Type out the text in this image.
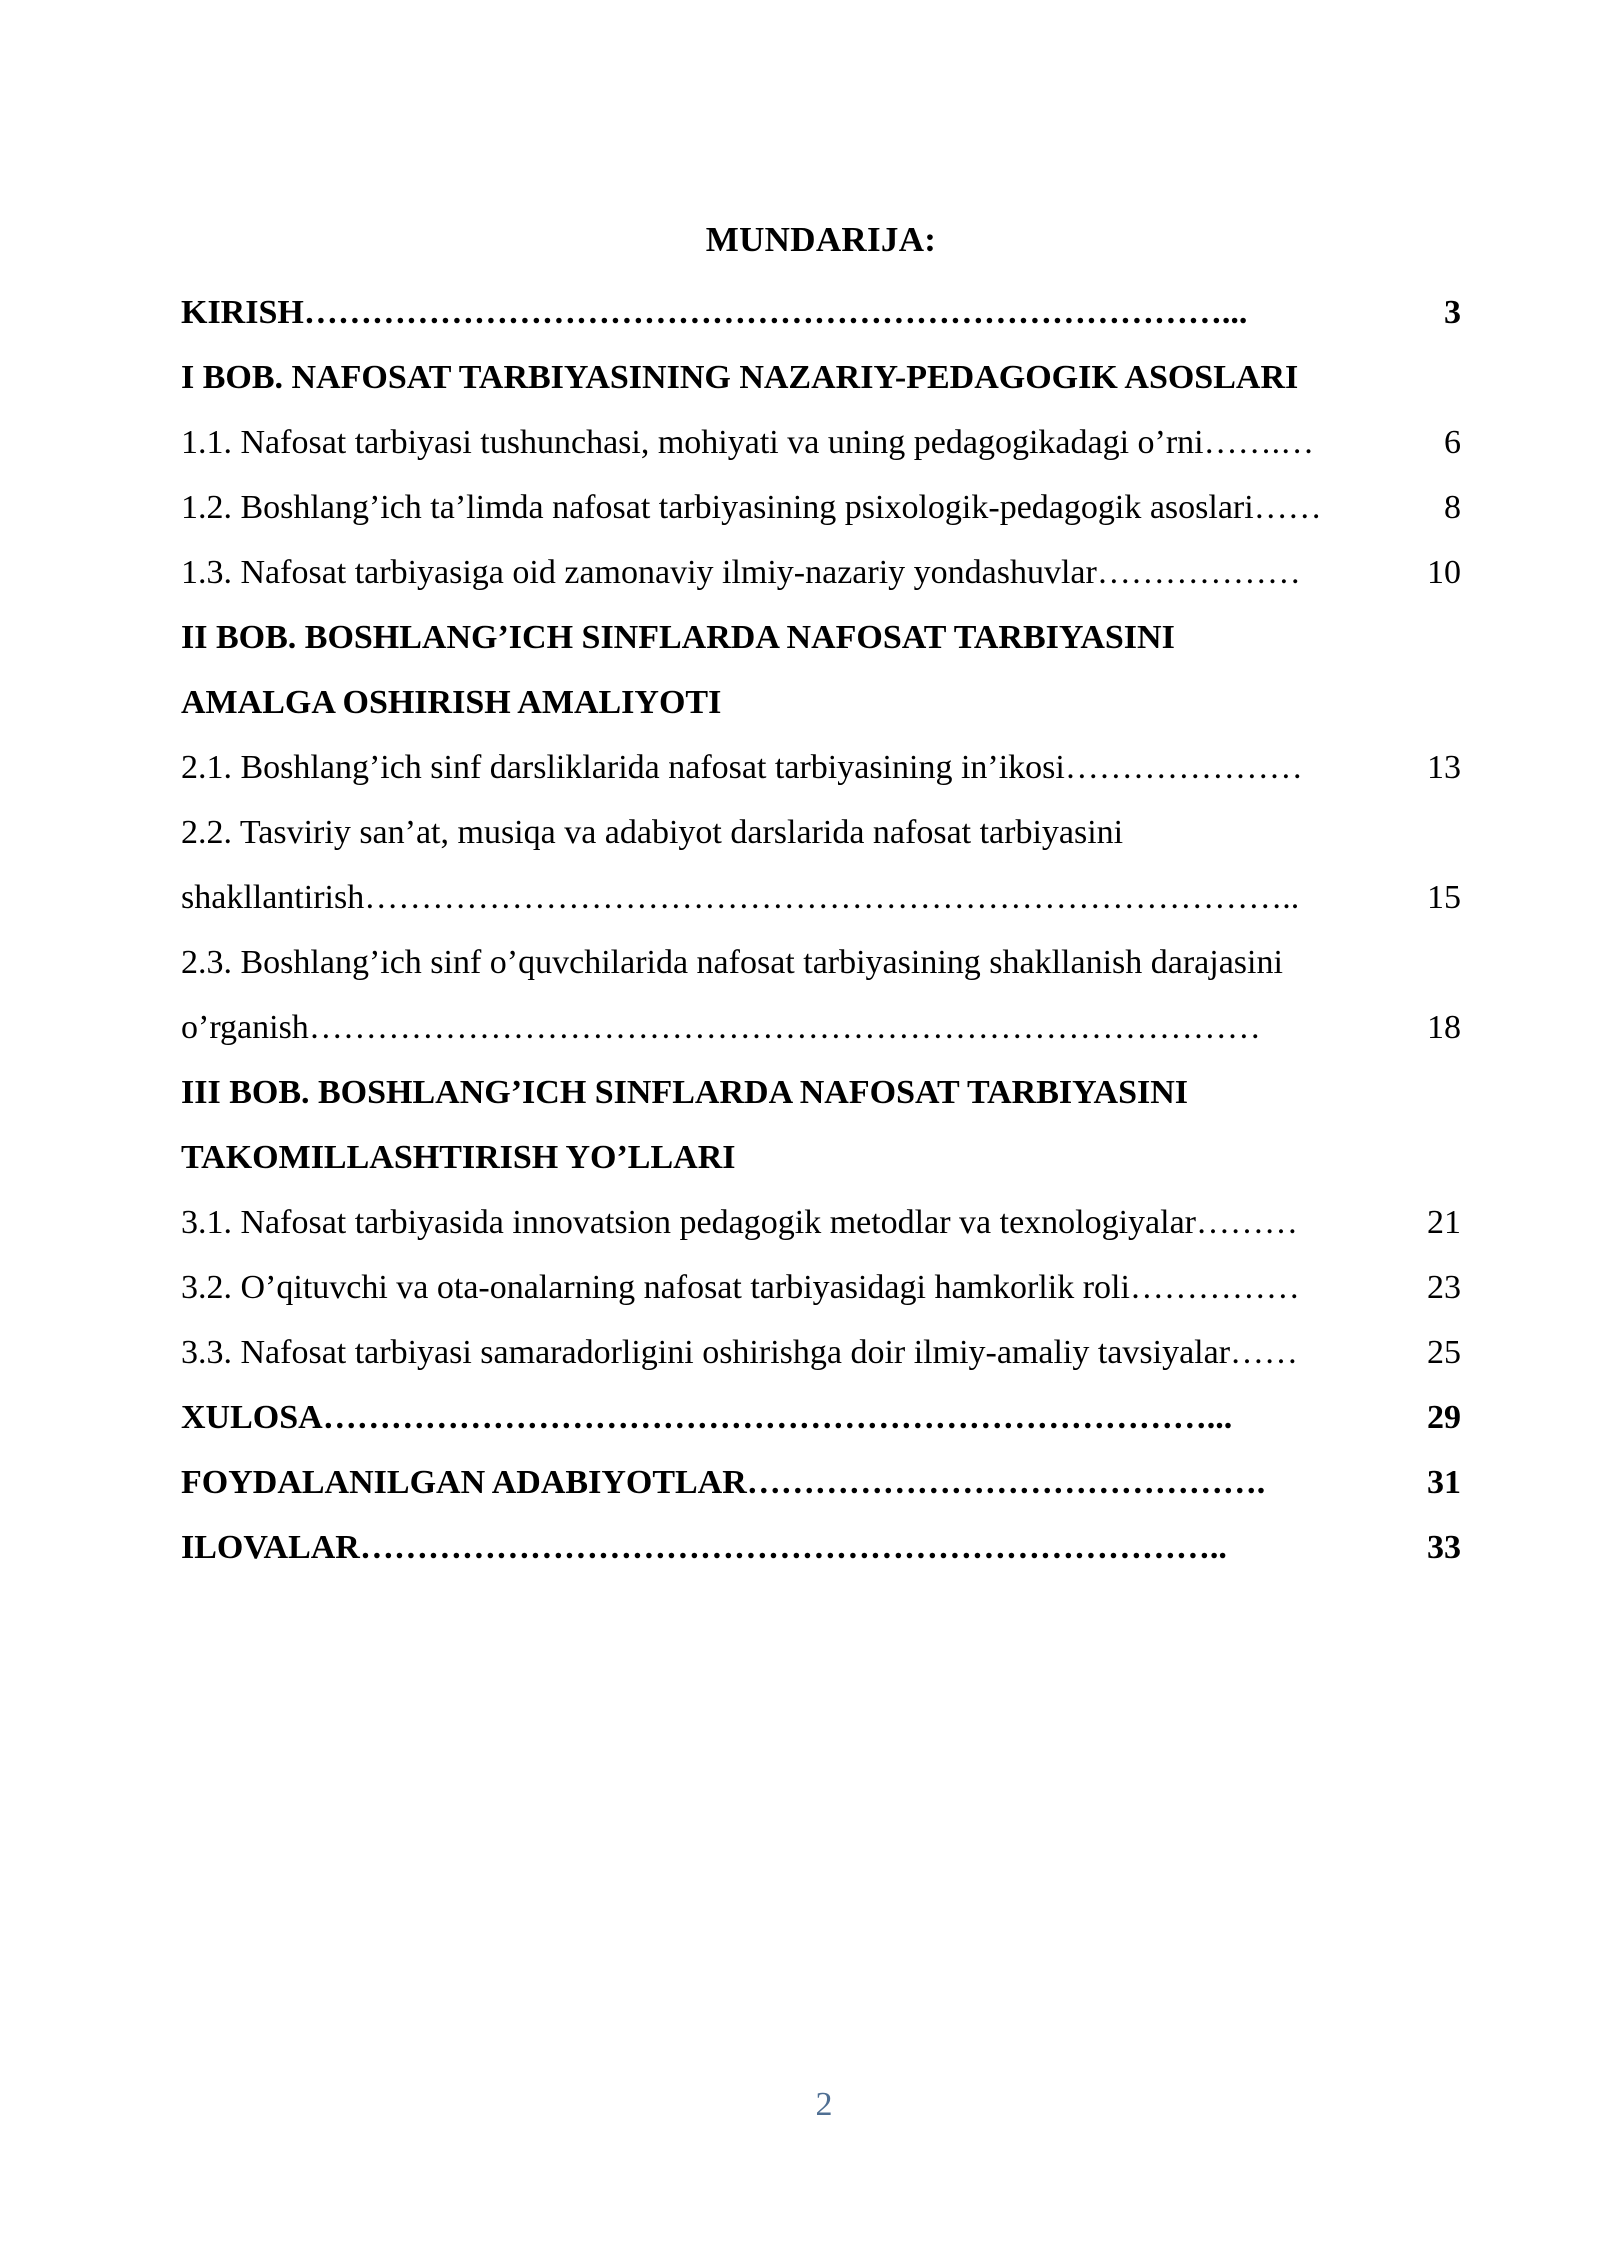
MUNDARIJA:
KIRISH ………………………………………………………………………...	3
I BOB. NAFOSAT TARBIYASINING NAZARIY-PEDAGOGIK ASOSLARI
1.1. Nafosat tarbiyasi tushunchasi, mohiyati va uning pedagogikadagi o’rni …….…	6
1.2. Boshlang’ich ta’limda nafosat tarbiyasining psixologik-pedagogik asoslari ……	8
1.3. Nafosat tarbiyasiga oid zamonaviy ilmiy-nazariy yondashuvlar ………………	10
II BOB. BOSHLANG’ICH SINFLARDA NAFOSAT TARBIYASINI
AMALGA OSHIRISH AMALIYOTI
2.1. Boshlang’ich sinf darsliklarida nafosat tarbiyasining in’ikosi …………………	13
2.2. Tasviriy san’at, musiqa va adabiyot darslarida nafosat tarbiyasini
shakllantirish ………………………………………………………………………..	15
2.3. Boshlang’ich sinf o’quvchilarida nafosat tarbiyasining shakllanish darajasini
o’rganish …………………………………………………………………………	18
III BOB. BOSHLANG’ICH SINFLARDA NAFOSAT TARBIYASINI
TAKOMILLASHTIRISH YO’LLARI
3.1. Nafosat tarbiyasida innovatsion pedagogik metodlar va texnologiyalar ………	21
3.2. O’qituvchi va ota-onalarning nafosat tarbiyasidagi hamkorlik roli ……………	23
3.3. Nafosat tarbiyasi samaradorligini oshirishga doir ilmiy-amaliy tavsiyalar ……	25
XULOSA ……………………………………………………………………...	29
FOYDALANILGAN ADABIYOTLAR ……………………………………….	31
ILOVALAR …………………………………………………………………..	33
2
